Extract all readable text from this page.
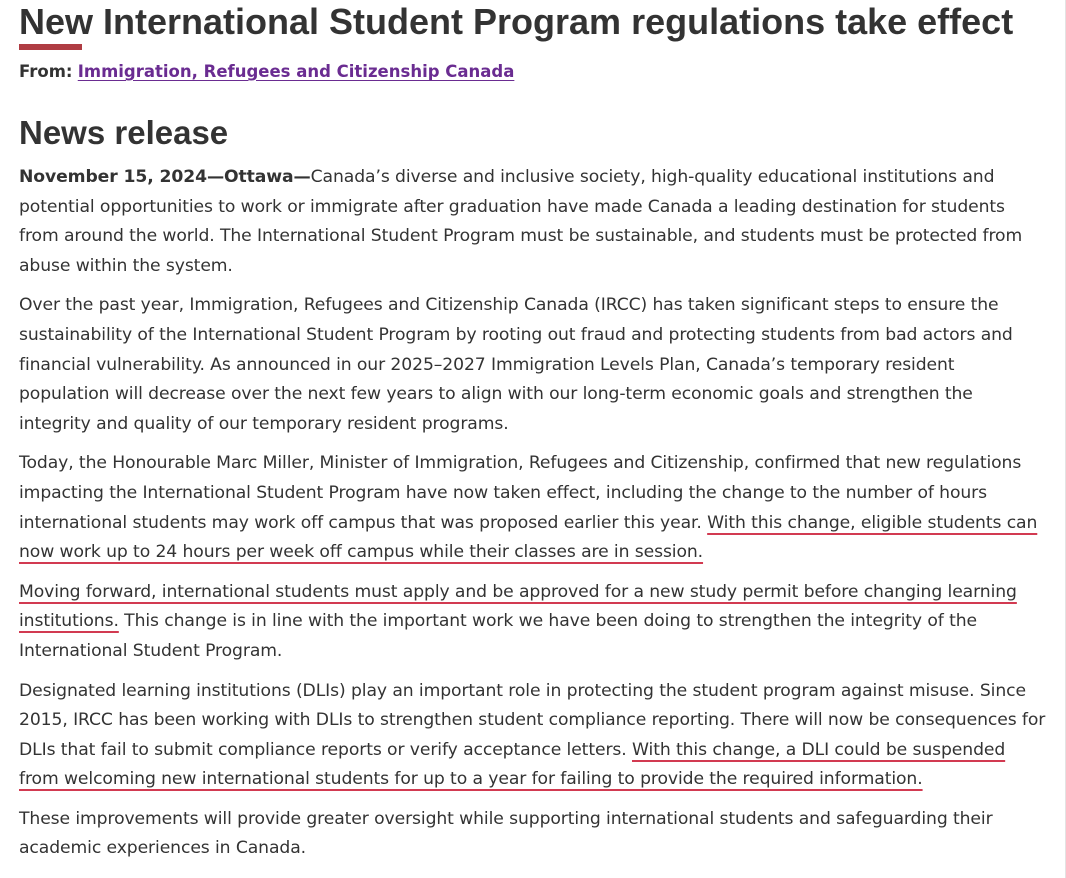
New International Student Program regulations take effect
From: Immigration, Refugees and Citizenship Canada
News release

November 15, 2024—Ottawa—Canada’s diverse and inclusive society, high-quality educational institutions and potential opportunities to work or immigrate after graduation have made Canada a leading destination for students from around the world. The International Student Program must be sustainable, and students must be protected from abuse within the system.

Over the past year, Immigration, Refugees and Citizenship Canada (IRCC) has taken significant steps to ensure the sustainability of the International Student Program by rooting out fraud and protecting students from bad actors and financial vulnerability. As announced in our 2025–2027 Immigration Levels Plan, Canada’s temporary resident population will decrease over the next few years to align with our long-term economic goals and strengthen the integrity and quality of our temporary resident programs.

Today, the Honourable Marc Miller, Minister of Immigration, Refugees and Citizenship, confirmed that new regulations impacting the International Student Program have now taken effect, including the change to the number of hours international students may work off campus that was proposed earlier this year. With this change, eligible students can now work up to 24 hours per week off campus while their classes are in session.

Moving forward, international students must apply and be approved for a new study permit before changing learning institutions. This change is in line with the important work we have been doing to strengthen the integrity of the International Student Program.

Designated learning institutions (DLIs) play an important role in protecting the student program against misuse. Since 2015, IRCC has been working with DLIs to strengthen student compliance reporting. There will now be consequences for DLIs that fail to submit compliance reports or verify acceptance letters. With this change, a DLI could be suspended from welcoming new international students for up to a year for failing to provide the required information.

These improvements will provide greater oversight while supporting international students and safeguarding their academic experiences in Canada.
